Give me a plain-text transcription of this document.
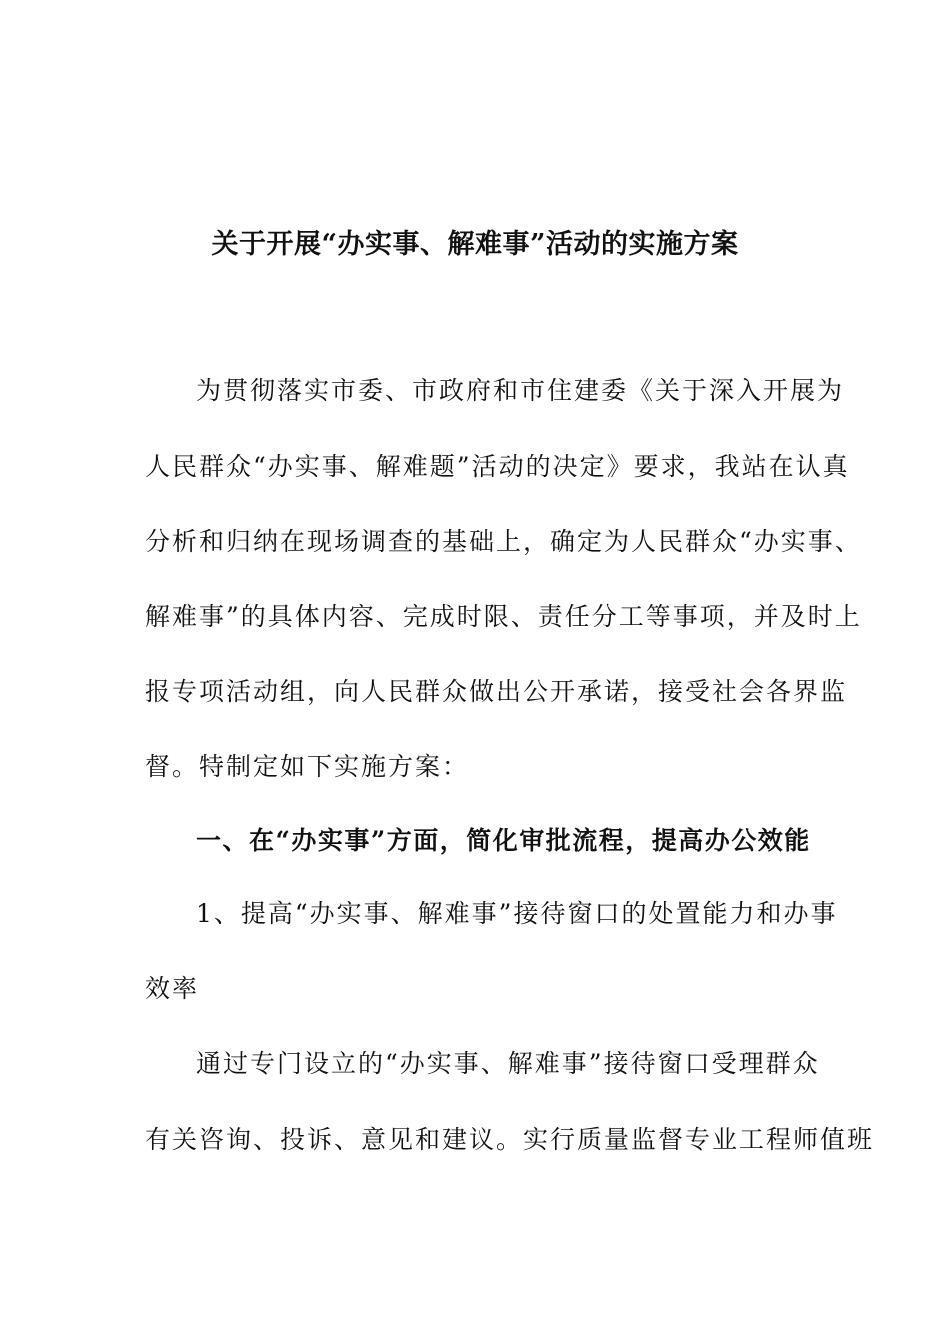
关于开展“办实事、解难事”活动的实施方案
为贯彻落实市委、市政府和市住建委《关于深入开展为
人民群众“办实事、解难题”活动的决定》要求，我站在认真
分析和归纳在现场调查的基础上，确定为人民群众“办实事、
解难事”的具体内容、完成时限、责任分工等事项，并及时上
报专项活动组，向人民群众做出公开承诺，接受社会各界监
督。特制定如下实施方案：
一、在“办实事”方面，简化审批流程，提高办公效能
1、提高“办实事、解难事”接待窗口的处置能力和办事
效率
通过专门设立的“办实事、解难事”接待窗口受理群众
有关咨询、投诉、意见和建议。实行质量监督专业工程师值班
